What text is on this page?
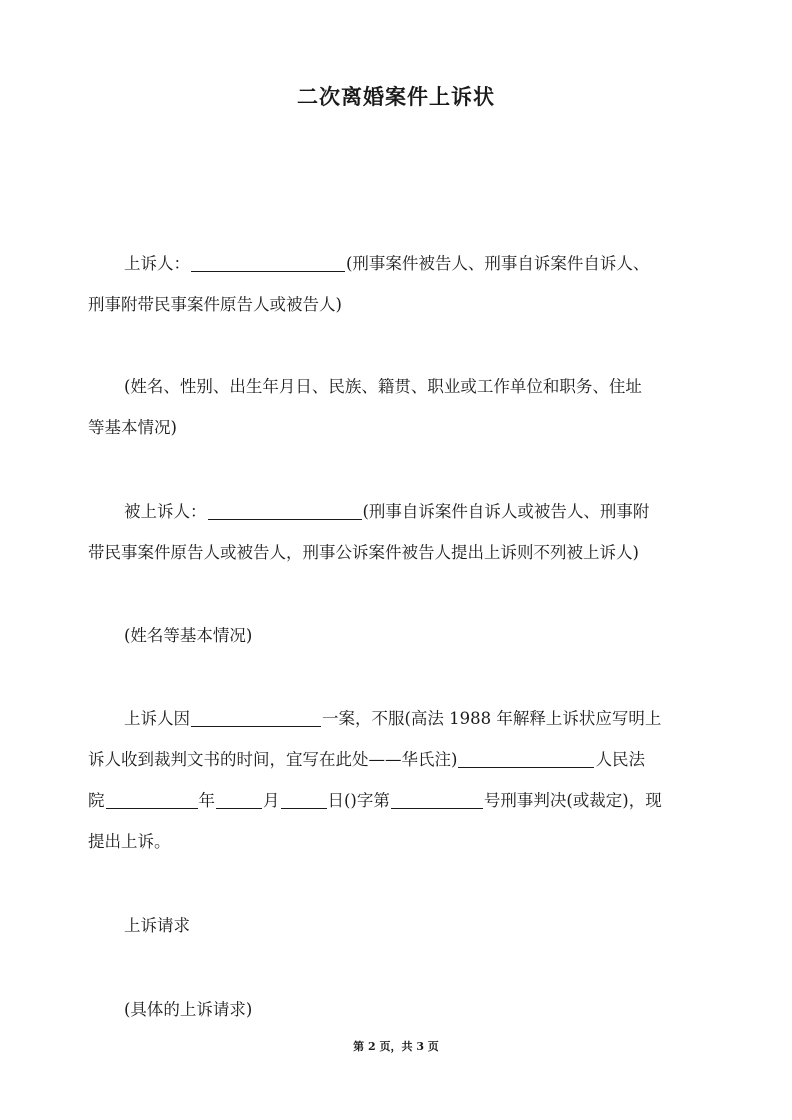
二次离婚案件上诉状

上诉人：	(刑事案件被告人、刑事自诉案件自诉人、
刑事附带民事案件原告人或被告人)

(姓名、性别、出生年月日、民族、籍贯、职业或工作单位和职务、住址
等基本情况)

被上诉人：	(刑事自诉案件自诉人或被告人、刑事附
带民事案件原告人或被告人，刑事公诉案件被告人提出上诉则不列被上诉人)

(姓名等基本情况)

上诉人因	一案，不服(高法 1988 年解释上诉状应写明上
诉人收到裁判文书的时间，宜写在此处——华氏注)	人民法
院	年	月	日()字第	号刑事判决(或裁定)，现
提出上诉。

上诉请求

(具体的上诉请求)

第 2 页，共 3 页
